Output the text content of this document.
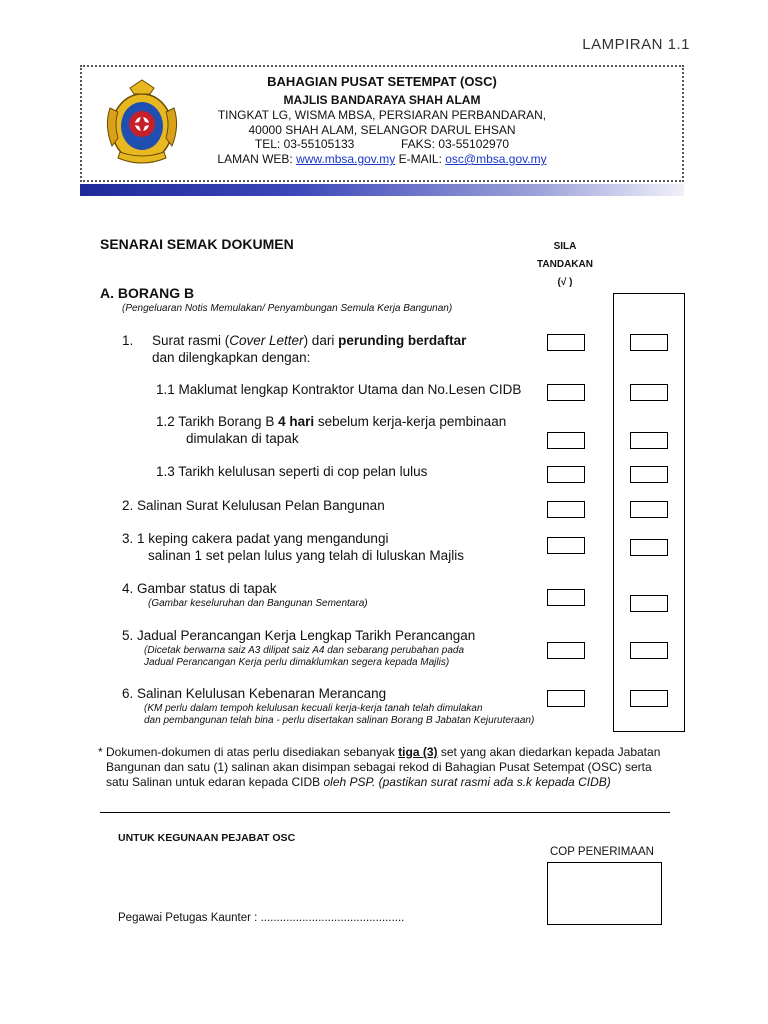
LAMPIRAN 1.1
BAHAGIAN PUSAT SETEMPAT (OSC)
MAJLIS BANDARAYA SHAH ALAM
TINGKAT LG, WISMA MBSA, PERSIARAN PERBANDARAN,
40000 SHAH ALAM, SELANGOR DARUL EHSAN
TEL: 03-55105133	FAKS: 03-55102970
LAMAN WEB: www.mbsa.gov.my E-MAIL: osc@mbsa.gov.my
SENARAI SEMAK DOKUMEN	SILA
TANDAKAN
(√ )
A. BORANG B
(Pengeluaran Notis Memulakan/ Penyambungan Semula Kerja Bangunan)
1. Surat rasmi (Cover Letter) dari perunding berdaftar
dan dilengkapkan dengan:
1.1 Maklumat lengkap Kontraktor Utama dan No.Lesen CIDB
1.2 Tarikh Borang B 4 hari sebelum kerja-kerja pembinaan
dimulakan di tapak
1.3 Tarikh kelulusan seperti di cop pelan lulus
2. Salinan Surat Kelulusan Pelan Bangunan
3. 1 keping cakera padat yang mengandungi
salinan 1 set pelan lulus yang telah di luluskan Majlis
4. Gambar status di tapak
(Gambar keseluruhan dan Bangunan Sementara)
5. Jadual Perancangan Kerja Lengkap Tarikh Perancangan
(Dicetak berwarna saiz A3 dilipat saiz A4 dan sebarang perubahan pada
Jadual Perancangan Kerja perlu dimaklumkan segera kepada Majlis)
6. Salinan Kelulusan Kebenaran Merancang
(KM perlu dalam tempoh kelulusan kecuali kerja-kerja tanah telah dimulakan
dan pembangunan telah bina - perlu disertakan salinan Borang B Jabatan Kejuruteraan)
* Dokumen-dokumen di atas perlu disediakan sebanyak tiga (3) set yang akan diedarkan kepada Jabatan
Bangunan dan satu (1) salinan akan disimpan sebagai rekod di Bahagian Pusat Setempat (OSC) serta
satu Salinan untuk edaran kepada CIDB oleh PSP. (pastikan surat rasmi ada s.k kepada CIDB)
UNTUK KEGUNAAN PEJABAT OSC
COP PENERIMAAN
Pegawai Petugas Kaunter : .............................................
